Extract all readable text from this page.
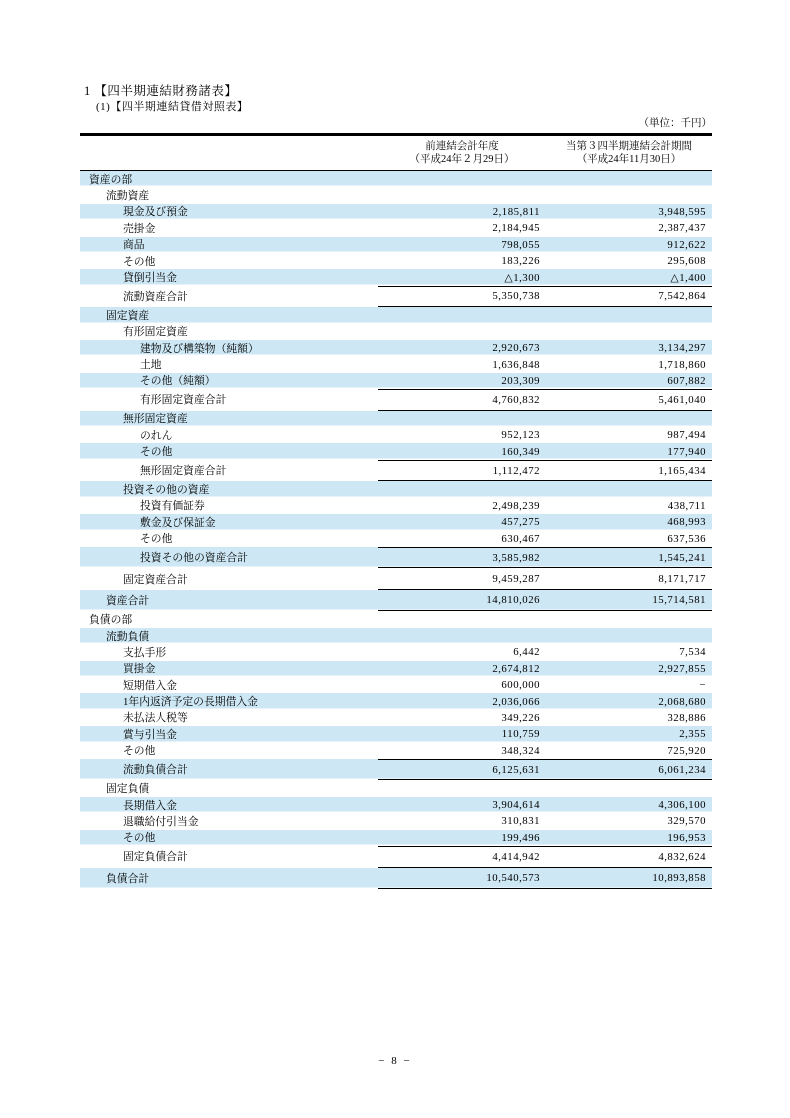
1 【四半期連結財務諸表】
(1)【四半期連結貸借対照表】
（単位：千円）
前連結会計年度
（平成24年２月29日）
当第３四半期連結会計期間
（平成24年11月30日）
資産の部
流動資産
現金及び預金	2,185,811	3,948,595
売掛金	2,184,945	2,387,437
商品	798,055	912,622
その他	183,226	295,608
貸倒引当金	△1,300	△1,400
流動資産合計	5,350,738	7,542,864
固定資産
有形固定資産
建物及び構築物（純額）	2,920,673	3,134,297
土地	1,636,848	1,718,860
その他（純額）	203,309	607,882
有形固定資産合計	4,760,832	5,461,040
無形固定資産
のれん	952,123	987,494
その他	160,349	177,940
無形固定資産合計	1,112,472	1,165,434
投資その他の資産
投資有価証券	2,498,239	438,711
敷金及び保証金	457,275	468,993
その他	630,467	637,536
投資その他の資産合計	3,585,982	1,545,241
固定資産合計	9,459,287	8,171,717
資産合計	14,810,026	15,714,581
負債の部
流動負債
支払手形	6,442	7,534
買掛金	2,674,812	2,927,855
短期借入金	600,000	−
1年内返済予定の長期借入金	2,036,066	2,068,680
未払法人税等	349,226	328,886
賞与引当金	110,759	2,355
その他	348,324	725,920
流動負債合計	6,125,631	6,061,234
固定負債
長期借入金	3,904,614	4,306,100
退職給付引当金	310,831	329,570
その他	199,496	196,953
固定負債合計	4,414,942	4,832,624
負債合計	10,540,573	10,893,858
− 8 −
